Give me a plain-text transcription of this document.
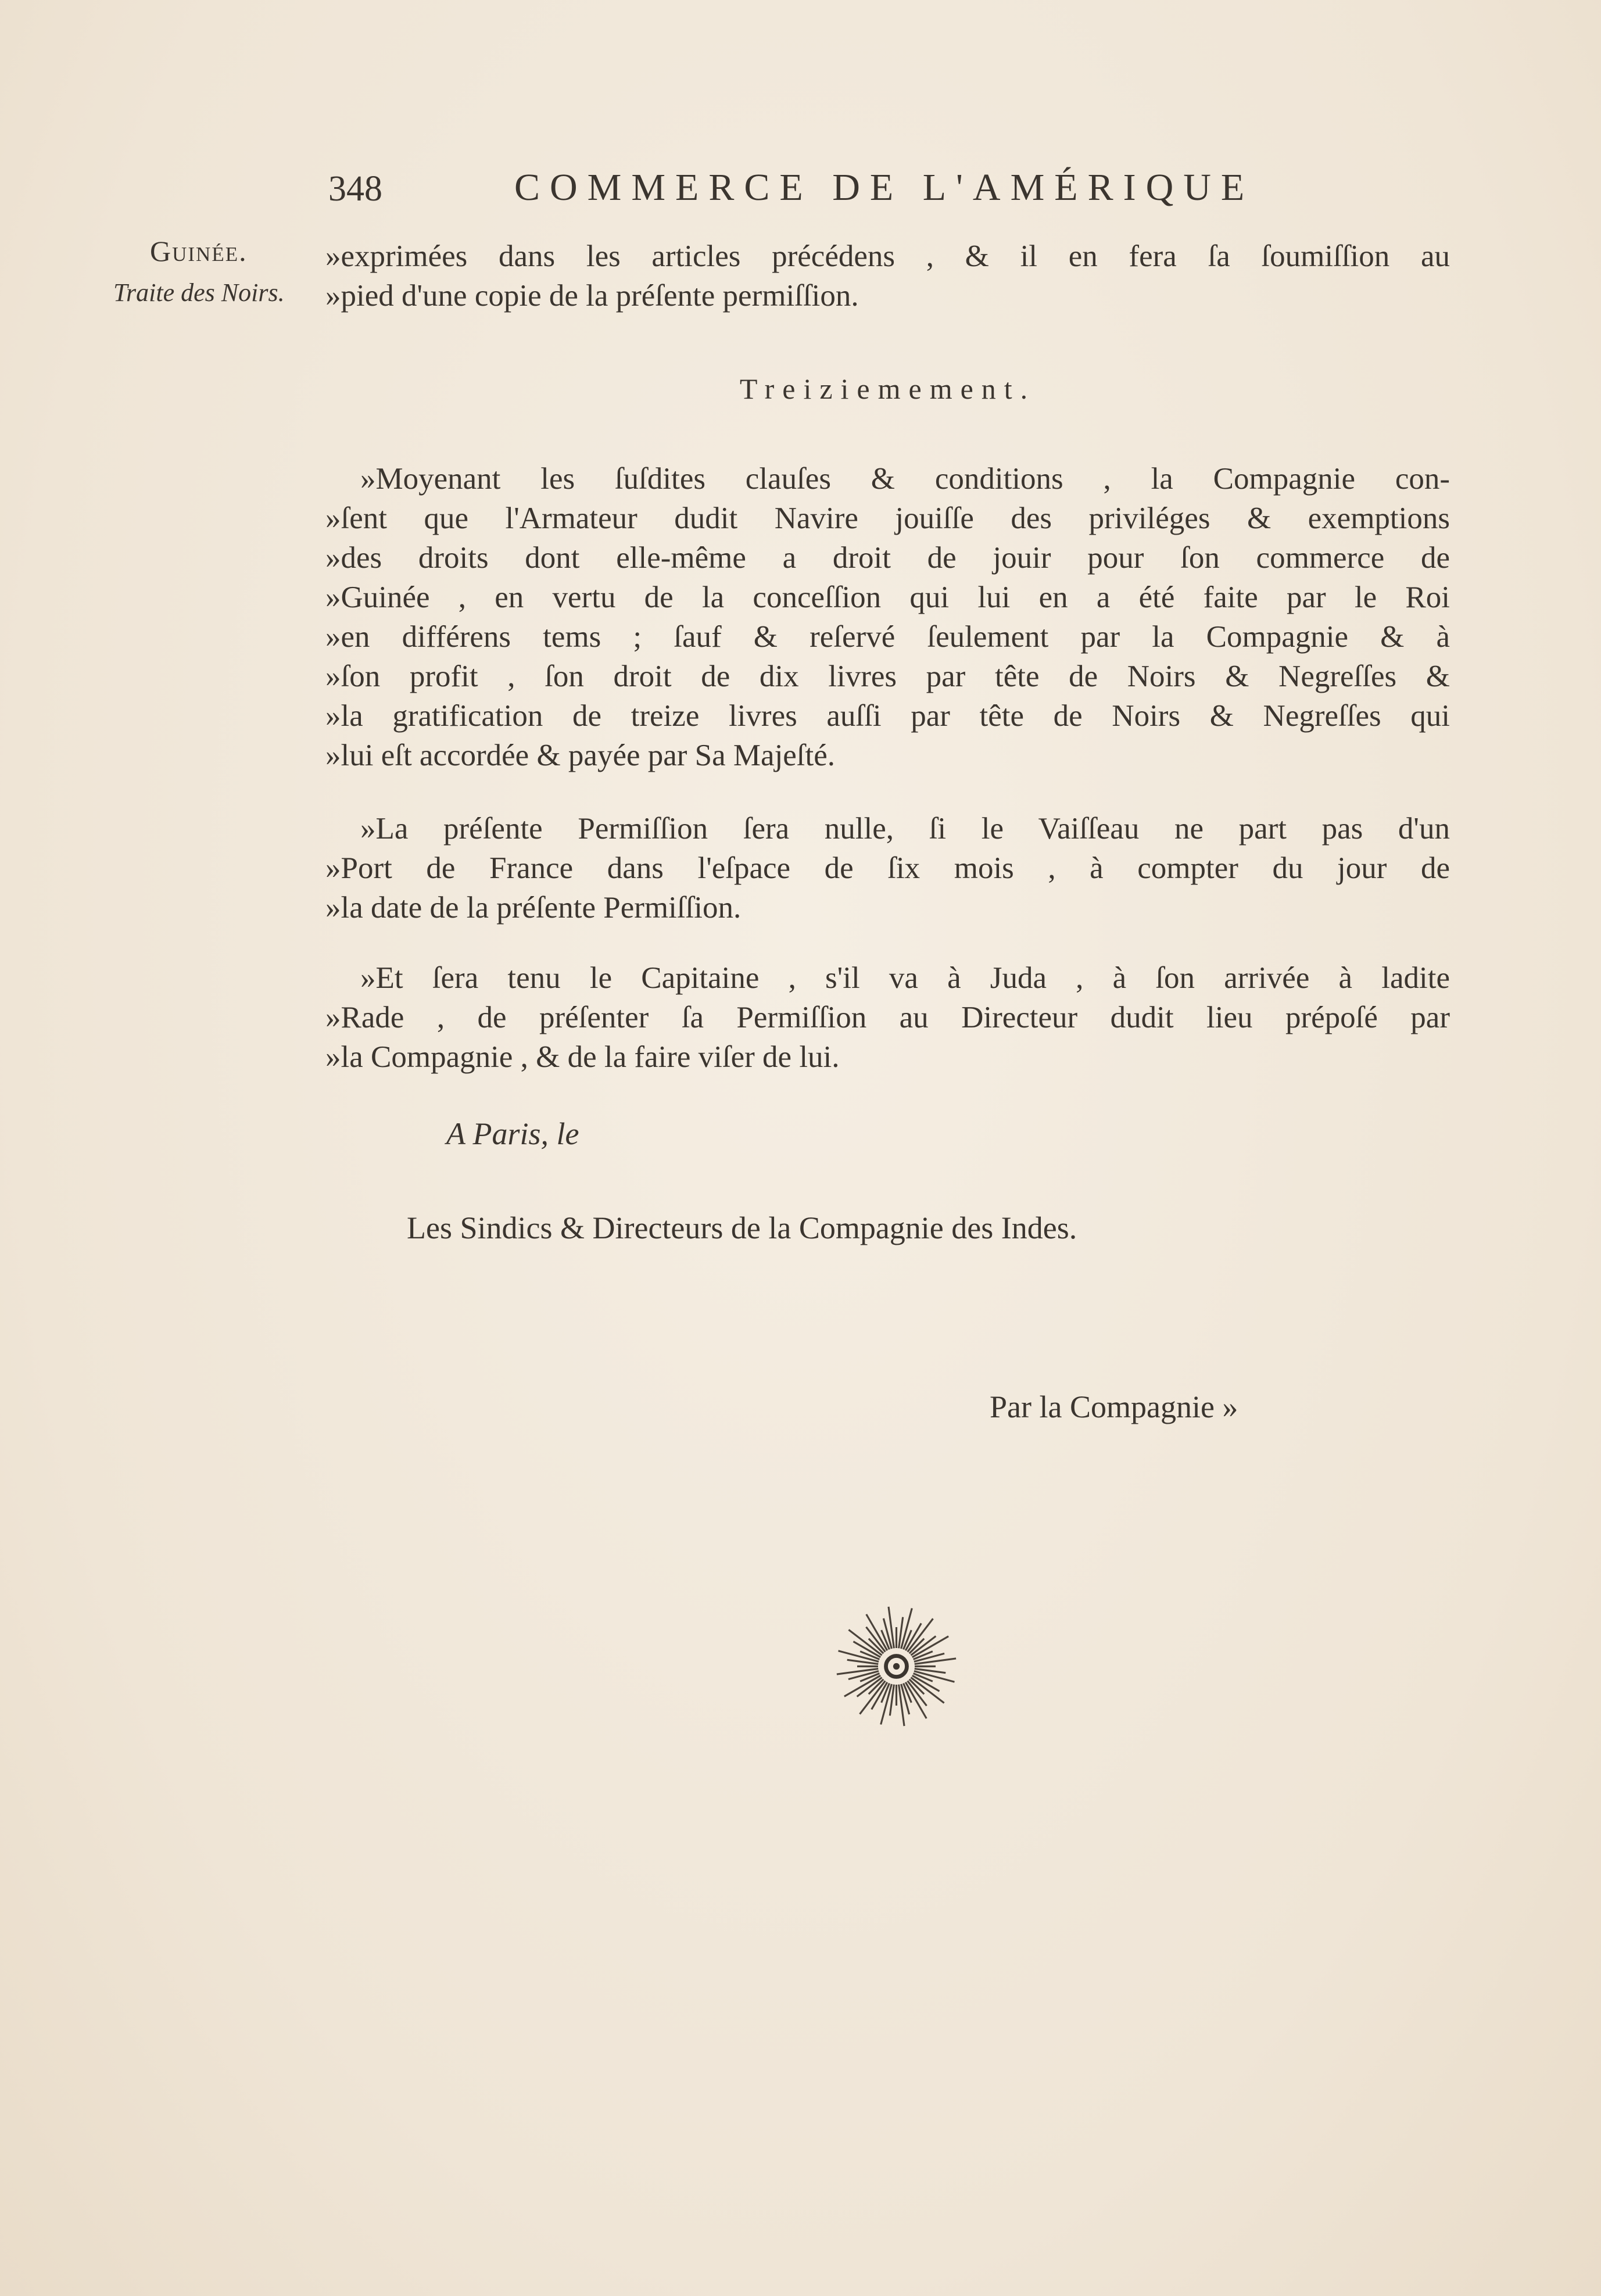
348	COMMERCE DE L'AMÉRIQUE
Guinée.
Traite des Noirs.
»exprimées dans les articles précédens , & il en fera ſa ſoumiſſion au
»pied d'une copie de la préſente permiſſion.
Treiziemement.
»Moyenant les ſuſdites clauſes & conditions , la Compagnie con-
»ſent que l'Armateur dudit Navire jouiſſe des priviléges & exemptions
»des droits dont elle-même a droit de jouir pour ſon commerce de
»Guinée , en vertu de la conceſſion qui lui en a été faite par le Roi
»en différens tems ; ſauf & reſervé ſeulement par la Compagnie & à
»ſon profit , ſon droit de dix livres par tête de Noirs & Negreſſes &
»la gratification de treize livres auſſi par tête de Noirs & Negreſſes qui
»lui eſt accordée & payée par Sa Majeſté.
»La préſente Permiſſion ſera nulle, ſi le Vaiſſeau ne part pas d'un
»Port de France dans l'eſpace de ſix mois , à compter du jour de
»la date de la préſente Permiſſion.
»Et ſera tenu le Capitaine , s'il va à Juda , à ſon arrivée à ladite
»Rade , de préſenter ſa Permiſſion au Directeur dudit lieu prépoſé par
»la Compagnie , & de la faire viſer de lui.
A Paris, le
Les Sindics & Directeurs de la Compagnie des Indes.
Par la Compagnie »
